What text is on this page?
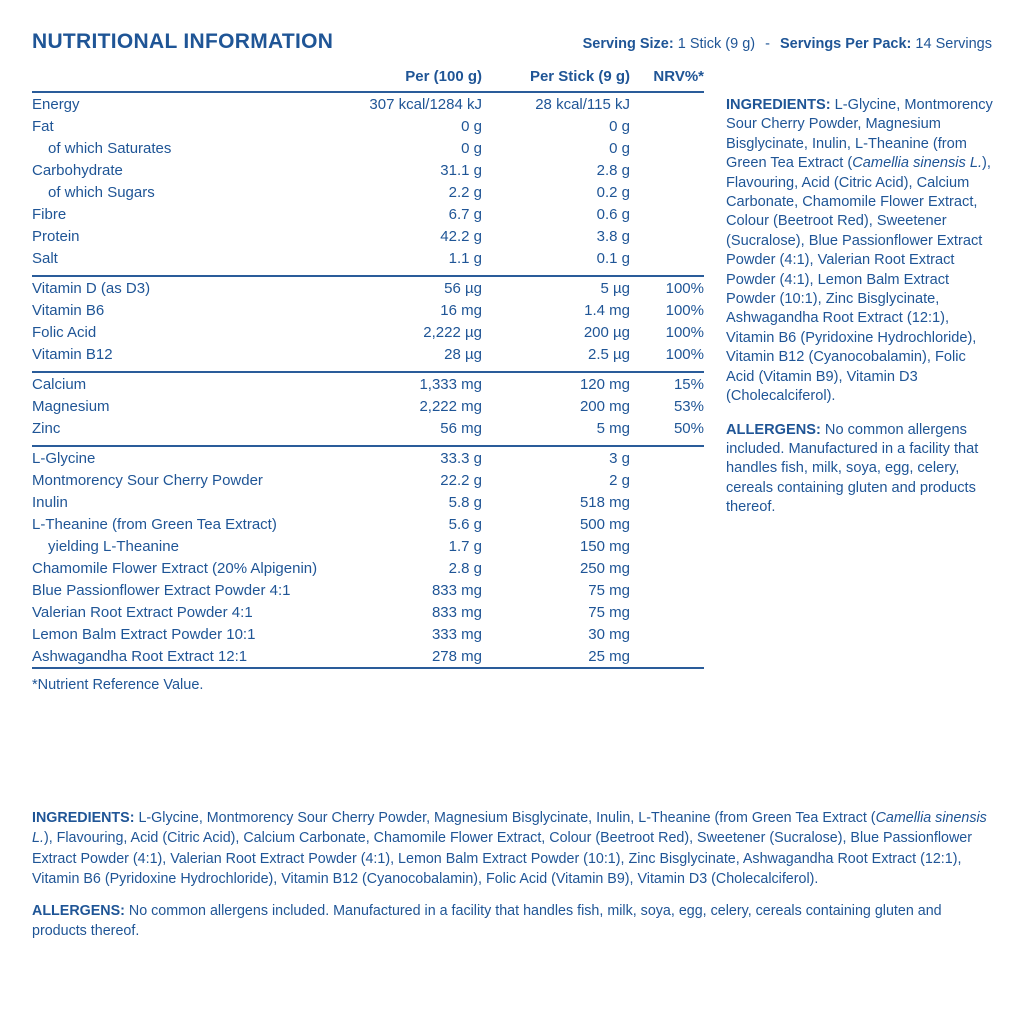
NUTRITIONAL INFORMATION	Serving Size: 1 Stick (9 g) - Servings Per Pack: 14 Servings
	Per (100 g)	Per Stick (9 g)	NRV%*
Energy	307 kcal/1284 kJ	28 kcal/115 kJ	
Fat	0 g	0 g	
of which Saturates	0 g	0 g	
Carbohydrate	31.1 g	2.8 g	
of which Sugars	2.2 g	0.2 g	
Fibre	6.7 g	0.6 g	
Protein	42.2 g	3.8 g	
Salt	1.1 g	0.1 g	

Vitamin D (as D3)	56 µg	5 µg	100%
Vitamin B6	16 mg	1.4 mg	100%
Folic Acid	2,222 µg	200 µg	100%
Vitamin B12	28 µg	2.5 µg	100%

Calcium	1,333 mg	120 mg	15%
Magnesium	2,222 mg	200 mg	53%
Zinc	56 mg	5 mg	50%

L-Glycine	33.3 g	3 g	
Montmorency Sour Cherry Powder	22.2 g	2 g	
Inulin	5.8 g	518 mg	
L-Theanine (from Green Tea Extract)	5.6 g	500 mg	
yielding L-Theanine	1.7 g	150 mg	
Chamomile Flower Extract (20% Alpigenin)	2.8 g	250 mg	
Blue Passionflower Extract Powder 4:1	833 mg	75 mg	
Valerian Root Extract Powder 4:1	833 mg	75 mg	
Lemon Balm Extract Powder 10:1	333 mg	30 mg	
Ashwagandha Root Extract 12:1	278 mg	25 mg	

*Nutrient Reference Value.

INGREDIENTS: L-Glycine, Montmorency Sour Cherry Powder, Magnesium Bisglycinate, Inulin, L-Theanine (from Green Tea Extract (Camellia sinensis L.), Flavouring, Acid (Citric Acid), Calcium Carbonate, Chamomile Flower Extract, Colour (Beetroot Red), Sweetener (Sucralose), Blue Passionflower Extract Powder (4:1), Valerian Root Extract Powder (4:1), Lemon Balm Extract Powder (10:1), Zinc Bisglycinate, Ashwagandha Root Extract (12:1), Vitamin B6 (Pyridoxine Hydrochloride), Vitamin B12 (Cyanocobalamin), Folic Acid (Vitamin B9), Vitamin D3 (Cholecalciferol).

ALLERGENS: No common allergens included. Manufactured in a facility that handles fish, milk, soya, egg, celery, cereals containing gluten and products thereof.

INGREDIENTS: L-Glycine, Montmorency Sour Cherry Powder, Magnesium Bisglycinate, Inulin, L-Theanine (from Green Tea Extract (Camellia sinensis L.), Flavouring, Acid (Citric Acid), Calcium Carbonate, Chamomile Flower Extract, Colour (Beetroot Red), Sweetener (Sucralose), Blue Passionflower Extract Powder (4:1), Valerian Root Extract Powder (4:1), Lemon Balm Extract Powder (10:1), Zinc Bisglycinate, Ashwagandha Root Extract (12:1), Vitamin B6 (Pyridoxine Hydrochloride), Vitamin B12 (Cyanocobalamin), Folic Acid (Vitamin B9), Vitamin D3 (Cholecalciferol).

ALLERGENS: No common allergens included. Manufactured in a facility that handles fish, milk, soya, egg, celery, cereals containing gluten and products thereof.
